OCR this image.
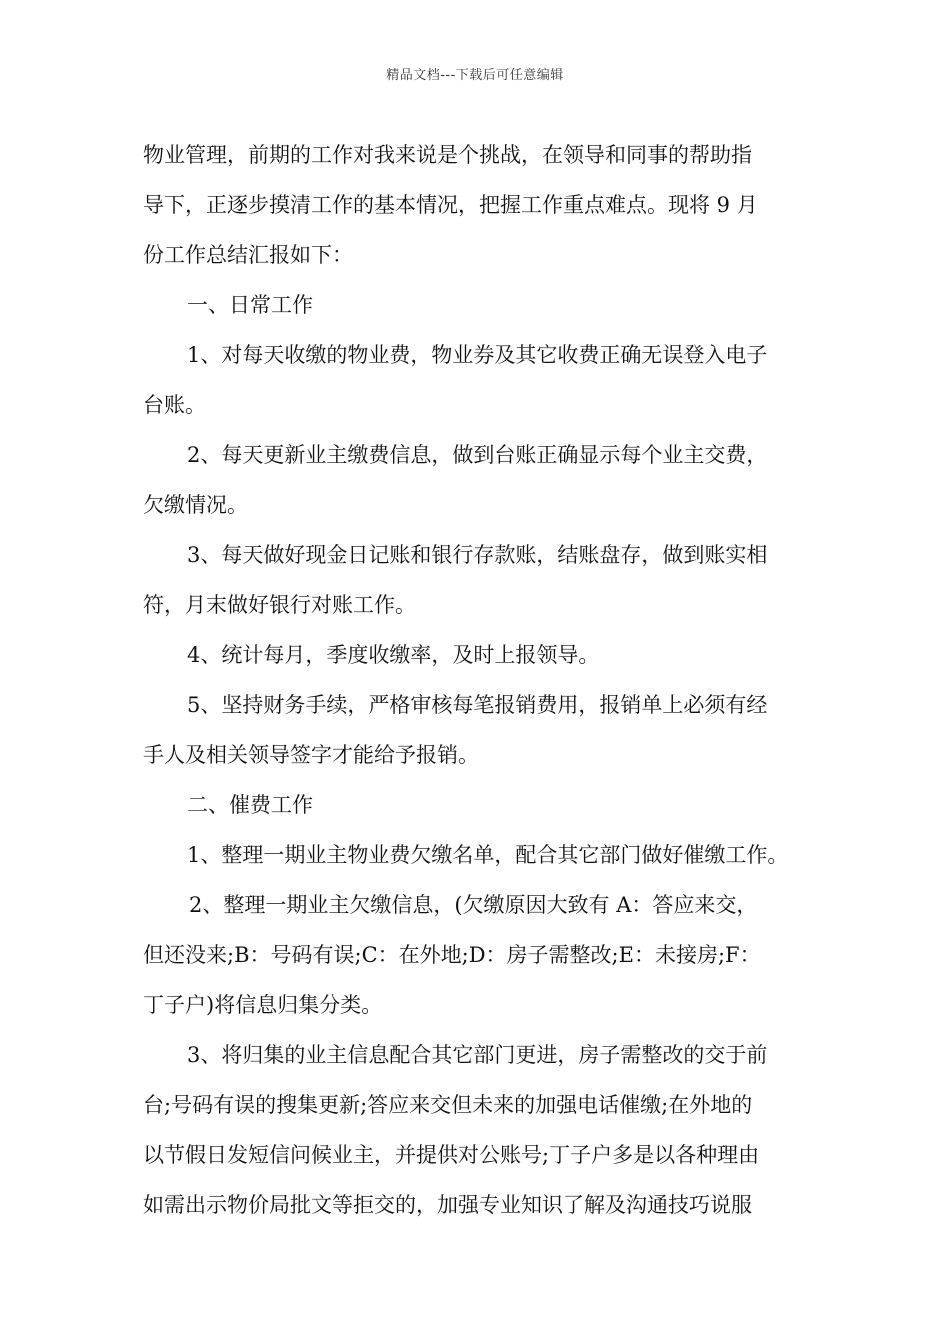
精品文档---下载后可任意编辑
物业管理，前期的工作对我来说是个挑战，在领导和同事的帮助指
导下，正逐步摸清工作的基本情况，把握工作重点难点。现将 9 月
份工作总结汇报如下：
一、日常工作
1、对每天收缴的物业费，物业券及其它收费正确无误登入电子
台账。
2、每天更新业主缴费信息，做到台账正确显示每个业主交费，
欠缴情况。
3、每天做好现金日记账和银行存款账，结账盘存，做到账实相
符，月末做好银行对账工作。
4、统计每月，季度收缴率，及时上报领导。
5、坚持财务手续，严格审核每笔报销费用，报销单上必须有经
手人及相关领导签字才能给予报销。
二、催费工作
1、整理一期业主物业费欠缴名单，配合其它部门做好催缴工作。
2、整理一期业主欠缴信息，(欠缴原因大致有 A：答应来交，
但还没来;B：号码有误;C：在外地;D：房子需整改;E：未接房;F：
丁子户)将信息归集分类。
3、将归集的业主信息配合其它部门更进，房子需整改的交于前
台;号码有误的搜集更新;答应来交但未来的加强电话催缴;在外地的
以节假日发短信问候业主，并提供对公账号;丁子户多是以各种理由
如需出示物价局批文等拒交的，加强专业知识了解及沟通技巧说服
